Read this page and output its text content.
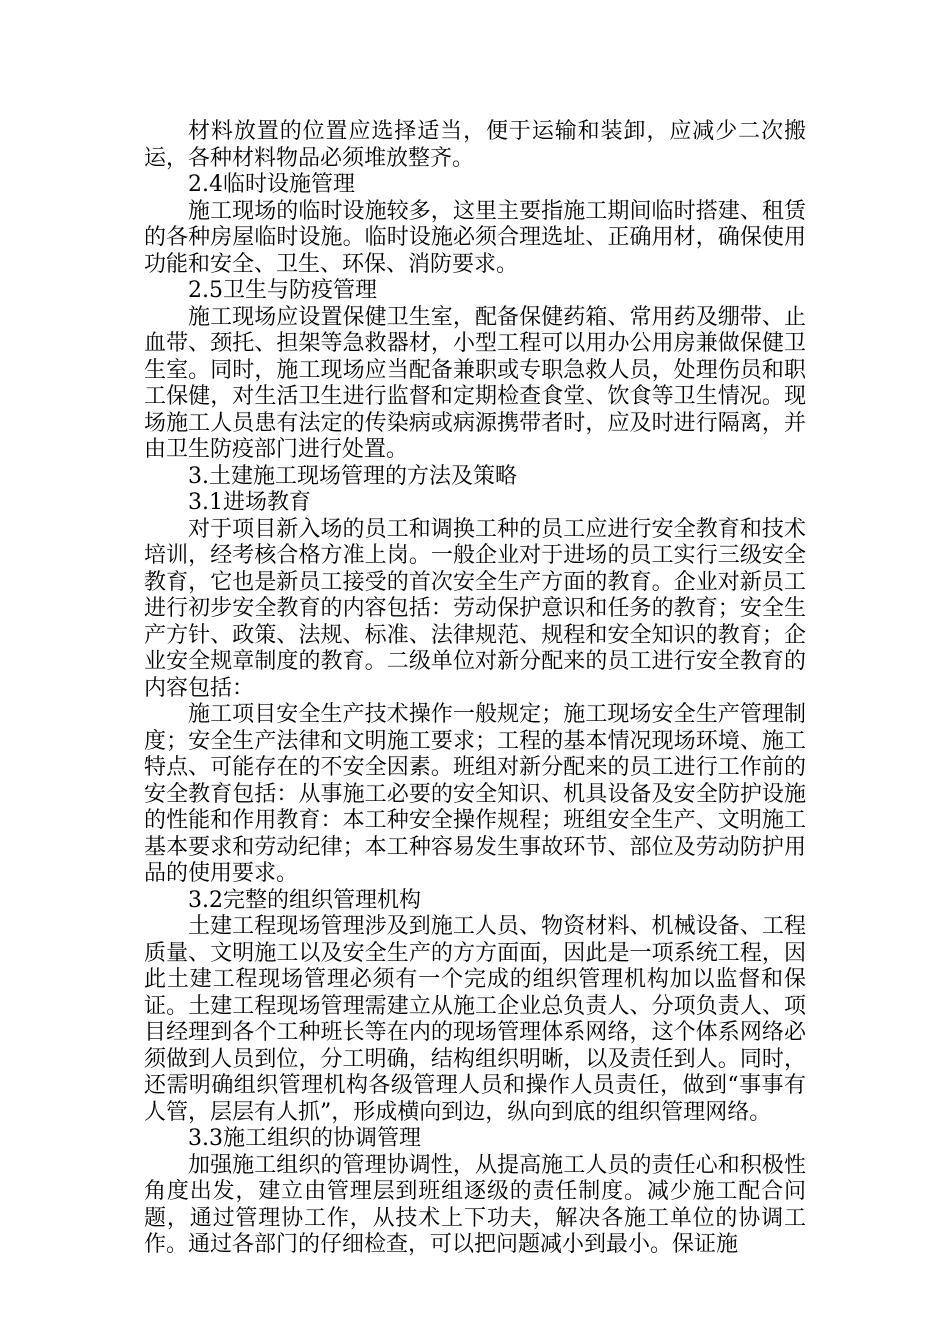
材料放置的位置应选择适当，便于运输和装卸，应减少二次搬运，各种材料物品必须堆放整齐。

2.4临时设施管理

施工现场的临时设施较多，这里主要指施工期间临时搭建、租赁的各种房屋临时设施。临时设施必须合理选址、正确用材，确保使用功能和安全、卫生、环保、消防要求。

2.5卫生与防疫管理

施工现场应设置保健卫生室，配备保健药箱、常用药及绷带、止血带、颈托、担架等急救器材，小型工程可以用办公用房兼做保健卫生室。同时，施工现场应当配备兼职或专职急救人员，处理伤员和职工保健，对生活卫生进行监督和定期检查食堂、饮食等卫生情况。现场施工人员患有法定的传染病或病源携带者时，应及时进行隔离，并由卫生防疫部门进行处置。

3.土建施工现场管理的方法及策略

3.1进场教育

对于项目新入场的员工和调换工种的员工应进行安全教育和技术培训，经考核合格方准上岗。一般企业对于进场的员工实行三级安全教育，它也是新员工接受的首次安全生产方面的教育。企业对新员工进行初步安全教育的内容包括：劳动保护意识和任务的教育；安全生产方针、政策、法规、标准、法律规范、规程和安全知识的教育；企业安全规章制度的教育。二级单位对新分配来的员工进行安全教育的内容包括：

施工项目安全生产技术操作一般规定；施工现场安全生产管理制度；安全生产法律和文明施工要求；工程的基本情况现场环境、施工特点、可能存在的不安全因素。班组对新分配来的员工进行工作前的安全教育包括：从事施工必要的安全知识、机具设备及安全防护设施的性能和作用教育：本工种安全操作规程；班组安全生产、文明施工基本要求和劳动纪律；本工种容易发生事故环节、部位及劳动防护用品的使用要求。

3.2完整的组织管理机构

土建工程现场管理涉及到施工人员、物资材料、机械设备、工程质量、文明施工以及安全生产的方方面面，因此是一项系统工程，因此土建工程现场管理必须有一个完成的组织管理机构加以监督和保证。土建工程现场管理需建立从施工企业总负责人、分项负责人、项目经理到各个工种班长等在内的现场管理体系网络，这个体系网络必须做到人员到位，分工明确，结构组织明晰，以及责任到人。同时，还需明确组织管理机构各级管理人员和操作人员责任，做到“事事有人管，层层有人抓”，形成横向到边，纵向到底的组织管理网络。

3.3施工组织的协调管理

加强施工组织的管理协调性，从提高施工人员的责任心和积极性角度出发，建立由管理层到班组逐级的责任制度。减少施工配合问题，通过管理协工作，从技术上下功夫，解决各施工单位的协调工作。通过各部门的仔细检查，可以把问题减小到最小。保证施
